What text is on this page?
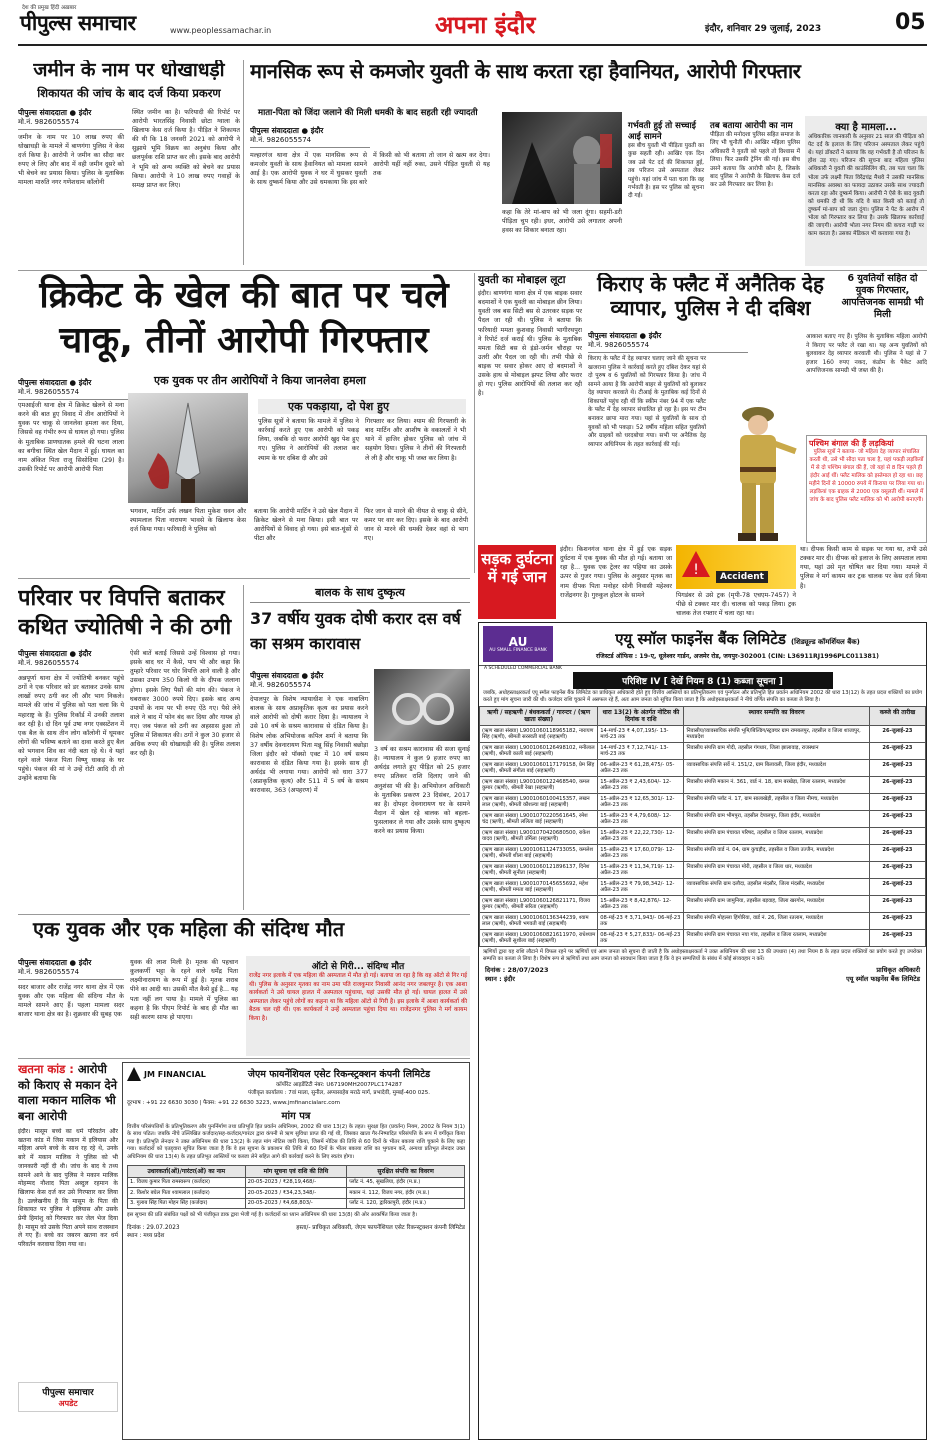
देश की प्रमुख हिंदी अख़बार
पीपुल्स समाचार	www.peoplessamachar.in	अपना इंदौर	इंदौर, शनिवार 29 जुलाई, 2023	05
जमीन के नाम पर धोखाधड़ी
शिकायत की जांच के बाद दर्ज किया प्रकरण
पीपुल्स संवाददाता ● इंदौर
मो.नं. 9826055574
जमीन के नाम पर 10 लाख रुपए की धोखाधड़ी के मामले में बाणगंगा पुलिस ने केस दर्ज किया है। आरोपी ने जमीन का सौदा कर रुपए ले लिए और बाद में वही जमीन दूसरे को भी बेचने का प्रयास किया। पुलिस के मुताबिक मामला मारुति नगर गणेशधाम कॉलोनी
स्थित जमीन का है। फरियादी की रिपोर्ट पर आरोपी भारतसिंह निवासी छोटा ग्वाला के खिलाफ केस दर्ज किया है। पीड़ित ने शिकायत की थी कि 18 जनवरी 2021 को आरोपी ने सुझाये भूमि विक्रय का अनुबंध किया और छलपूर्वक राशि प्राप्त कर ली। इसके बाद आरोपी ने भूमि को अन्य व्यक्ति को बेचने का प्रयास किया। आरोपी ने 10 लाख रुपए गवाहों के समक्ष प्राप्त कर लिए।
मानसिक रूप से कमजोर युवती के साथ करता रहा हैवानियत, आरोपी गिरफ्तार
माता-पिता को जिंदा जलाने की मिली धमकी के बाद सहती रही ज्यादती
पीपुल्स संवाददाता ● इंदौर
मो.नं. 9826055574
मल्हारगंज थाना क्षेत्र में एक मानसिक रूप से कमजोर युवती के साथ हैवानियत को मामला सामने आई है। एक आरोपी युवक ने घर में घुसकर युवती के साथ दुष्कर्म किया और उसे धमकाया कि इस बारे में किसी को भी बताया तो जान से खत्म कर देगा। आरोपी यहीं नहीं रुका, उसने पीड़ित युवती से यह तक
कहा कि तेरे मां-बाप को भी जला दूंगा। सहमी-डरी पीड़िता चुप रही। इधर, आरोपी उसे लगातार अपनी हवस का शिकार बनाता रहा।
गर्भवती हुई तो सच्चाई आई सामने
इस बीच युवती भी पीड़िता युवती का कुछ सहती रही। आखिर एक दिन जब उसे पेट दर्द की शिकायत हुई, तब परिजन उसे अस्पताल लेकर पहुंचे। यहां जांच में पता चला कि वह गर्भवती है। इस पर पुलिस को सूचना दी गई।
तब बताया आरोपी का नाम
पीड़िता की मनोदशा पुलिस सहित समाज के लिए भी चुनौती थी। आखिर महिला पुलिस अधिकारी ने युवती को पहले तो विश्वास में लिया। फिर उसकी ट्रेनिंग की गई। इस बीच उसने बताया कि आरोपी कौन है, जिसके बाद पुलिस ने आरोपी के खिलाफ केस दर्ज कर उसे गिरफ्तार कर लिया है।
क्या है मामला...
अधिकारिक जानकारी के अनुसार 21 साल की पीड़िता को पेट दर्द के इलाज के लिए परिजन अस्पताल लेकर पहुंचे थे। यहां डॉक्टरों ने बताया कि वह गर्भवती है तो परिजन के होश उड़ गए। परिजन की सूचना बाद महिला पुलिस अधिकारी ने युवती की काउंसिलिंग की, तब पता चला कि भोला उर्फ लक्ष्मी पिता विरेंद्रचंद्र मैथवे ने उसकी मानसिक मानसिक अवस्था का फायदा उठाकर उसके साथ ज्यादती करता रहा और दुष्कर्म किया। आरोपी ने ऐसे के बाद युवती को धमकी दी थी कि यदि वे बात किसी को बताई तो दुष्कर्म मां-बाप को जला दूंगा। पुलिस ने पेट के आरोप में भोला को गिरफ्तार कर लिया है। उसके खिलाफ कार्रवाई की जाएगी। आरोपी भोला नगर निगम की कचरा गाड़ी पर काम करता है। उसका मेडिकल भी करवाया गया है।
क्रिकेट के खेल की बात पर चले चाकू, तीनों आरोपी गिरफ्तार
पीपुल्स संवाददाता ● इंदौर
मो.नं. 9826055574
एक युवक पर तीन आरोपियों ने किया जानलेवा हमला
एमआईजी थाना क्षेत्र में क्रिकेट खेलने से मना करने की बात हुए विवाद में तीन आरोपियों ने युवक पर चाकू से जानलेवा हमला कर दिया, जिससे वह गंभीर रूप से घायल हो गया। पुलिस के मुताबिक प्राणघातक हमले की घटना लाला का बगीचा स्थित खेल मैदान में हुई। घायल का नाम अंकित पिता राजू सिसोदिया (29) है। उसकी रिपोर्ट पर आरोपी आरोपी पिता
भगवान, मार्टिन उर्फ लखन पिता मुकेश धवन और श्यामलाल पिता नारायण भावसे के खिलाफ केस दर्ज किया गया। फरियादी ने पुलिस को
एक पकड़ाया, दो पेश हुए
पुलिस सूत्रों ने बताया कि मामले में पुलिस ने कार्रवाई करते हुए एक आरोपी को पकड़ लिया, जबकि दो फरार आरोपी खुद पेश हुए गए। पुलिस ने आरोपियों की तलाश कर श्याम के घर दबिश दी और उसे
गिरफ्तार कर लिया। श्याम की गिरफ्तारी के बाद मार्टिन और आशीष के वकालतों ने भी थाने में हाजिर होकर पुलिस को जांच में सहयोग दिया। पुलिस ने तीनों की गिरफ्तारी ले ली है और चाकू भी जब्त कर लिया है।
बताया कि आरोपी मार्टिन ने उसे खेल मैदान में क्रिकेट खेलने से मना किया। इसी बात पर आरोपियों से विवाद हो गया। इसे बात-घूंसों से पीटा और
फिर जान से मारने की नीयत से चाकू से सीने, कमर पर वार कर दिए। इसके के बाद आरोपी जान से मारने की धमकी देकर वहां से भाग गए।
युवती का मोबाइल लूटा
इंदौर। बाणगंगा थाना क्षेत्र में एक बाइक सवार बदमाशों ने एक युवती का मोबाइल छीन लिया। युवती जब बस सिटी बस से उतरकर सड़क पर पैदल जा रही थी। पुलिस ने बताया कि फरियादी ममता कुशवाह निवासी भागीरथपुरा ने रिपोर्ट दर्ज कराई थी। पुलिस के मुताबिक ममता सिटी बस से इंडो-जर्मन चौराहा पर उतरी और पैदल जा रही थी। तभी पीछे से बाइक पर सवार होकर आए दो बदमाशों ने उसके हाथ से मोबाइल झपट लिया और फरार हो गए। पुलिस आरोपियों की तलाश कर रही है।
किराए के फ्लैट में अनैतिक देह व्यापार, पुलिस ने दी दबिश
6 युवतियों सहित दो युवक गिरफ्तार, आपत्तिजनक सामग्री भी मिली
पीपुल्स संवाददाता ● इंदौर
मो.नं. 9826055574
किराए के फ्लैट में देह व्यापार चलाए जाने की सूचना पर खजराना पुलिस ने कार्रवाई करते हुए दबिश देकर यहां से दो पुरुष व 6 युवतियों को गिरफ्तार किया है। जांच में सामने आया है कि आरोपी बाहर से युवतियों को बुलाकर देह व्यापार करवाते थे। टीआई के मुताबिक कई दिनों से शिकायतें पहुंच रही थीं कि स्कीम नंबर 94 में एक फ्लैट के फ्लैट में देह व्यापार संचालित हो रहा है। इस पर टीम बनाकर छापा मारा गया। यहां से युवतियों के साथ दो युवकों को भी पकड़ा। 52 वर्षीय महिला सहित युवतियों और ग्राहकों को धरदबोचा गया। सभी पर अनैतिक देह व्यापार अधिनियम के तहत कार्रवाई की गई।
आकाश बताए गए हैं। पुलिस के मुताबिक महिला आरोपी ने किराए पर फ्लैट ले रखा था। यह अन्य युवतियों को बुलवाकर देह व्यापार करवाती थी। पुलिस ने यहां से 7 हजार 160 रुपए नकद, कंडोम के पैकेट आदि आपत्तिजनक सामग्री भी जब्त की है।
पश्चिम बंगाल की हैं लड़कियां
पुलिस सूत्रों ने बताया- जो महिला देह व्यापार संचालित करती थी, उसे भी सौदा पता चला है, यहां पकड़ी लड़कियों में से दो पश्चिम बंगाल की हैं, जो यहां से 8 दिन पहले ही इंदौर आई थीं। फ्लैट मालिक को इस्तेमाल हो रहा था। छह महीने दिनों से 10000 रुपये में किराया पर लिया गया था। लड़कियां एक ग्राहक से 2000 एक वसूलती थीं। मामले में जांच के बाद पुलिस फ्लैट मालिक को भी आरोपी बनाएगी।
सड़क दुर्घटना में गई जान
इंदौर। किशनगंज थाना क्षेत्र में हुई एक सड़क दुर्घटना में एक युवक की मौत हो गई। बताया जा रहा है... युवक एक ट्रेलर का पहिया का उसके ऊपर से गुजर गया। पुलिस के अनुसार मृतक का नाम दीपक पिता मनोहर सोनी निवासी महेश्वर राजेंद्रनगर है। गुरुकुल होटल के सामने
!	Accident
पिगडंबर से उसे ट्रक (मृपी-78 एचएम-7457) ने पीछे से टक्कर मार दी। चालक को पकड़ लिया। ट्रक चालक तेज रफ्तार में चला रहा था।
था। दीपक किसी काम से सड़क पर गया था, तभी उसे टक्कर मार दी। दीपक को इलाज के लिए अस्पताल लाया गया, यहां उसे मृत घोषित कर दिया गया। मामले में पुलिस ने मर्ग कायम कर ट्रक चालक पर केस दर्ज किया है।
परिवार पर विपत्ति बताकर कथित ज्योतिषी ने की ठगी
पीपुल्स संवाददाता ● इंदौर
मो.नं. 9826055574
अन्नपूर्णा थाना क्षेत्र में ज्योतिषी बनकर पहुंचे ठगों ने एक परिवार को डर बताकर उनके साथ लाखों रुपए ठगी कर ली और भाग निकले। मामले की जांच में पुलिस को पता चला कि ये महाराष्ट्र के हैं। पुलिस रिकॉर्ड में उनकी तलाश कर रही है। दो दिन पूर्व उषा नगर एक्सटेंशन में एक बैल के साथ तीन लोग कॉलोनी में घूमकर लोगों की भविष्य बताने का दावा करते हुए बैल को भगवान शिव का नंदी बता रहे थे। वे यहां रहने वाले पंकज पिता विष्णु धाकड़ के घर पहुंचे। पंकज की मां ने उन्हें रोटी आदि दी तो उन्होंने बताया कि
ऐसी बातें बताईं जिससे उन्हें विश्वास हो गया। इसके बाद घर में कैसे, पाप भी और कहा कि तुम्हारे परिवार पर घोर विपत्ति आने वाली है और उसका उपाय 350 किलो घी के दीपक जलाना होगा। इसके लिए पैसों की मांग की। पंकज ने घबराकर 3000 रुपये दिए। इसके बाद अन्य उपायों के नाम पर भी रुपए ऐंठे गए। पैसे लेने वाले ने बाद में फोन बंद कर दिया और गायब हो गए। जब पंकज को ठगी का अहसास हुआ तो पुलिस में शिकायत की। ठगों ने कुल 30 हजार से अधिक रुपए की धोखाधड़ी की है। पुलिस तलाश कर रही है।
बालक के साथ दुष्कृत्य
37 वर्षीय युवक दोषी करार दस वर्ष का सश्रम कारावास
पीपुल्स संवाददाता ● इंदौर
मो.नं. 9826055574
देपालपुर के विशेष न्यायाधीश ने एक नाबालिग बालक के साथ अप्राकृतिक कृत्य का प्रयास करने वाले आरोपी को दोषी करार दिया है। न्यायालय ने उसे 10 वर्ष के सश्रम कारावास से दंडित किया है। विशेष लोक अभियोजक कपिल शर्मा ने बताया कि 37 वर्षीय देवनारायण पिता मन्नू सिंह निवासी बछोड़ा जिला इंदौर को पॉक्सो एक्ट में 10 वर्ष सश्रम कारावास से दंडित किया गया है। इसके साथ ही अर्थदंड भी लगाया गया। आरोपी को धारा 377 (अप्राकृतिक कृत्य) और 511 में 5 वर्ष के सश्रम कारावास, 363 (अपहरण) में
3 वर्ष का सश्रम कारावास की सजा सुनाई है। न्यायालय ने कुल 9 हजार रुपए का अर्थदंड लगाते हुए पीड़ित को 25 हजार रुपए प्रतिकर राशि दिलाए जाने की अनुशंसा भी की है। अभियोजन अधिकारी के मुताबिक प्रकरण 23 दिसंबर, 2017 का है। दोपहर देवनारायण घर के सामने मैदान में खेल रहे बालक को बहला-फुसलाकर ले गया और उसके साथ दुष्कृत्य करने का प्रयास किया।
एक युवक और एक महिला की संदिग्ध मौत
पीपुल्स संवाददाता ● इंदौर
मो.नं. 9826055574
सदर बाजार और राजेंद्र नगर थाना क्षेत्र में एक युवक और एक महिला की संदिग्ध मौत के मामले सामने आए हैं। पहला मामला सदर बाजार थाना क्षेत्र का है। शुक्रवार की सुबह एक
युवक की लाश मिली है। मृतक की पहचान कुलकर्णी भट्टा के रहने वाले धर्मेंद्र पिता लक्ष्मीनारायण के रूप में हुई है। मृतक शराब पीने का आदी था। उसकी मौत कैसे हुई है... यह पता नहीं लग पाया है। मामले में पुलिस का कहना है कि पीएम रिपोर्ट के बाद ही मौत का सही कारण साफ हो पाएगा।
ऑटो से गिरी... संदिग्ध मौत
राजेंद्र नगर इलाके में एक महिला की अस्पताल में मौत हो गई। बताया जा रहा है कि वह ऑटो से गिर गई थी। पुलिस के अनुसार मृतका का नाम उमा पति राजकुमार निवासी आनंद नगर जबलपुर है। एक आशा कार्यकर्ता ने उसे घायल हालत में अस्पताल पहुंचाया, यहां उसकी मौत हो गई। घायल हालत में उसे अस्पताल लेकर पहुंचे लोगों का कहना था कि महिला ऑटो से गिरी है। इस इलाके में आशा कार्यकर्ता की बैठक चल रही थी। एक कार्यकर्ता ने उन्हें अस्पताल पहुंचा दिया था। राजेंद्रनगर पुलिस ने मर्ग कायम किया है।
खतना कांड : आरोपी को किराए से मकान देने वाला मकान मालिक भी बना आरोपी
इंदौर। मासूम बच्चे का धर्म परिवर्तन और खतना कांड में जिस मकान में इलियास और महिला अपने बच्चे के साथ रह रहे थे, उनके बारे में मकान मालिक ने पुलिस को भी जानकारी नहीं दी थी। जांच के बाद ये तथ्य सामने आने के बाद पुलिस ने मकान मालिक मोहम्मद नौशाद पिता अब्दुल रहमान के खिलाफ केस दर्ज कर उसे गिरफ्तार कर लिया है। उल्लेखनीय है कि मासूम के पिता की शिकायत पर पुलिस ने इलियास और उसके प्रेमी हिमांशु को गिरफ्तार कर जेल भेज दिया है। मासूम को उसके पिता अपने साथ राजस्थान ले गए हैं। बच्चे का जबरन खतना कर धर्म परिवर्तन करवाया दिया गया था।
पीपुल्स समाचार
अपडेट
JM FINANCIAL	जेएम फायनेंशियल एसेट रिकन्स्ट्रक्शन कंपनी लिमिटेड
कॉर्पोरेट आइडेंटिटी नंबर: U67190MH2007PLC174287
पंजीकृत कार्यालय : 7वां माला, सुनील, अप्पासाहेब मराठे मार्ग, प्रभादेवी, मुम्बई-400 025.
दूरभाष : +91 22 6630 3030 | फैक्स: +91 22 6630 3223, www.jmfinancialarc.com
मांग पत्र
वित्तीय परिसंपत्तियों के प्रतिभूतिकरण और पुनर्निर्माण तथा प्रतिभूति हित प्रवर्तन अधिनियम, 2002 की धारा 13(2) के तहत। सुरक्षा हित (प्रवर्तन) नियम, 2002 के नियम 3(1) के साथ पठित। जबकि नीचे उल्लिखित कर्जदार/सह-कर्जदार/गारंटर द्वारा कंपनी से ऋण सुविधा प्राप्त की गई थी, जिसका खाता गैर-निष्पादित परिसंपत्ति के रूप में वर्गीकृत किया गया है। प्रतिभूति लेनदार ने उक्त अधिनियम की धारा 13(2) के तहत मांग नोटिस जारी किया, जिसमें नोटिस की तिथि से 60 दिनों के भीतर बकाया राशि चुकाने के लिए कहा गया। कर्जदारों को एतद्द्वारा सूचित किया जाता है कि वे इस सूचना के प्रकाशन की तिथि से 60 दिनों के भीतर बकाया राशि का भुगतान करें, अन्यथा प्रतिभूत लेनदार उक्त अधिनियम की धारा 13(4) के तहत प्रतिभूत आस्तियों पर कब्जा लेने सहित आगे की कार्रवाई करने के लिए स्वतंत्र होगा।
उधारकर्ता(ओं)/गारंटर(ओं) का नाम	मांग सूचना एवं राशि की तिथि	सुरक्षित संपत्ति का विवरण
1. विजय कुमार पिता रामस्वरूप (कर्जदार)	20-05-2023 / ₹28,19,468/-	प्लॉट नं. 45, सुखलिया, इंदौर (म.प्र.)
2. किशोर बघेल पिता श्यामलाल (कर्जदार)	20-05-2023 / ₹34,23,348/-	मकान नं. 112, विजय नगर, इंदौर (म.प्र.)
3. गुलाब सिंह पिता मोहन सिंह (कर्जदार)	20-05-2023 / ₹4,68,803/-	प्लॉट नं. 120, द्वारिकापुरी, इंदौर (म.प्र.)
इस सूचना की प्रति संबंधित पक्षों को भी पंजीकृत डाक द्वारा भेजी गई है। कर्जदारों का ध्यान अधिनियम की धारा 13(8) की ओर आकर्षित किया जाता है।
दिनांक : 29.07.2023
स्थान : मध्य प्रदेश
हस्ता/- प्राधिकृत अधिकारी, जेएम फायनेंशियल एसेट रिकन्स्ट्रक्शन कंपनी लिमिटेड
AU
AU SMALL FINANCE BANK
एयू स्मॉल फाइनेंस बैंक लिमिटेड (शिड्यूल्ड कॉमर्शियल बैंक)
रजिस्टर्ड ऑफिस : 19-ए, धूलेश्वर गार्डन, अजमेर रोड, जयपुर-302001 (CIN: L36911RJ1996PLC011381)
A SCHEDULED COMMERCIAL BANK
परिशिष्ट IV [ देखें नियम 8 (1) कब्जा सूचना ]
जबकि, अधोहस्ताक्षरकर्ता एयू स्मॉल फाइनेंस बैंक लिमिटेड का प्राधिकृत अधिकारी होते हुए वित्तीय आस्तियों का प्रतिभूतिकरण एवं पुनर्गठन और प्रतिभूति हित प्रवर्तन अधिनियम 2002 की धारा 13(12) के तहत प्रदत्त शक्तियों का प्रयोग करते हुए मांग सूचना जारी की थी। कर्जदार राशि चुकाने में असफल रहे हैं, अतः आम जनता को सूचित किया जाता है कि अधोहस्ताक्षरकर्ता ने नीचे वर्णित संपत्ति का कब्जा ले लिया है।
ऋणी / सहऋणी / बंधककर्ता / गारन्टर / (ऋण खाता संख्या)	धारा 13(2) के अंतर्गत नोटिस की दिनांक व राशि	स्थावर सम्पत्ति का विवरण	कब्जे की तारीख
(ऋण खाता संख्या) L9001060118965182, नारायण सिंह (ऋणी), श्रीमती सरस्वती बाई (सहऋणी)	14-मार्च-23 ₹ 4,07,195/- 13-मार्च-23 तक	निवासीय/व्यावसायिक संपत्ति भूमि/बिल्डिंग/स्ट्रक्चर ग्राम रामबलपुर, तहसील व जिला शाजापुर, मध्यप्रदेश	26-जुलाई-23
(ऋण खाता संख्या) L9001060126498102, मनीलाल (ऋणी), श्रीमती काली बाई (सहऋणी)	14-मार्च-23 ₹ 7,12,741/- 13-मार्च-23 तक	निवासीय संपत्ति ग्राम गोदी, तहसील गंगधार, जिला झालावाड़, राजस्थान	26-जुलाई-23
(ऋण खाता संख्या) L9001060117179158, प्रेम सिंह (ऋणी), श्रीमती संगीता बाई (सहऋणी)	06-अप्रैल-23 ₹ 61,28,475/- 05-अप्रैल-23 तक	व्यावसायिक संपत्ति सर्वे नं. 151/2, ग्राम बिलावली, जिला इंदौर, मध्यप्रदेश	26-जुलाई-23
(ऋण खाता संख्या) L9001060122468540, कमल कुमार (ऋणी), श्रीमती रेखा (सहऋणी)	15-अप्रैल-23 ₹ 2,43,604/- 12-अप्रैल-23 तक	निवासीय संपत्ति मकान नं. 361, वार्ड नं. 18, ग्राम बरखेड़ा, जिला रतलाम, मध्यप्रदेश	26-जुलाई-23
(ऋण खाता संख्या) L9001060100415357, लखन लाल (ऋणी), श्रीमती कौशल्या बाई (सहऋणी)	15-अप्रैल-23 ₹ 12,65,301/- 12-अप्रैल-23 तक	निवासीय संपत्ति प्लॉट नं. 17, ग्राम सालाखेड़ी, तहसील व जिला नीमच, मध्यप्रदेश	26-जुलाई-23
(ऋण खाता संख्या) L9001070220561645, रमेश चंद्र (ऋणी), श्रीमती ललिता बाई (सहऋणी)	15-अप्रैल-23 ₹ 4,79,608/- 12-अप्रैल-23 तक	निवासीय संपत्ति ग्राम भीमपुरा, तहसील देपालपुर, जिला इंदौर, मध्यप्रदेश	26-जुलाई-23
(ऋण खाता संख्या) L9001070420680500, राकेश यादव (ऋणी), श्रीमती उर्मिला (सहऋणी)	15-अप्रैल-23 ₹ 22,22,730/- 12-अप्रैल-23 तक	निवासीय संपत्ति ग्राम पंचायत परिषद, तहसील व जिला रतलाम, मध्यप्रदेश	26-जुलाई-23
(ऋण खाता संख्या) L9001061124733055, कमलेश (ऋणी), श्रीमती शीला बाई (सहऋणी)	15-अप्रैल-23 ₹ 17,60,079/- 12-अप्रैल-23 तक	निवासीय संपत्ति वार्ड नं. 04, ग्राम कुचड़ौद, तहसील व जिला उज्जैन, मध्यप्रदेश	26-जुलाई-23
(ऋण खाता संख्या) L9001060121896137, दिनेश (ऋणी), श्रीमती सुनीता (सहऋणी)	15-अप्रैल-23 ₹ 11,34,719/- 12-अप्रैल-23 तक	निवासीय संपत्ति ग्राम पंचायत मोरी, तहसील व जिला धार, मध्यप्रदेश	26-जुलाई-23
(ऋण खाता संख्या) L9001070145655692, महेश (ऋणी), श्रीमती ममता बाई (सहऋणी)	15-अप्रैल-23 ₹ 79,98,342/- 12-अप्रैल-23 तक	व्यावसायिक संपत्ति ग्राम दलौदा, तहसील मंदसौर, जिला मंदसौर, मध्यप्रदेश	26-जुलाई-23
(ऋण खाता संख्या) L9001060126821171, विजय कुमार (ऋणी), श्रीमती सरिता (सहऋणी)	15-अप्रैल-23 ₹ 8,42,876/- 12-अप्रैल-23 तक	निवासीय संपत्ति ग्राम जामुनिया, तहसील बड़वाह, जिला खरगोन, मध्यप्रदेश	26-जुलाई-23
(ऋण खाता संख्या) L9001060136344239, श्याम लाल (ऋणी), श्रीमती भगवती बाई (सहऋणी)	08-मई-23 ₹ 3,71,943/- 06-मई-23 तक	निवासीय संपत्ति मोहल्ला हिंगोरिया, वार्ड नं. 26, जिला रतलाम, मध्यप्रदेश	26-जुलाई-23
(ऋण खाता संख्या) L9001060821611970, राधेश्याम (ऋणी), श्रीमती सुशीला बाई (सहऋणी)	08-मई-23 ₹ 5,27,833/- 06-मई-23 तक	निवासीय संपत्ति ग्राम पंचायत नया गांव, तहसील व जिला रतलाम, मध्यप्रदेश	26-जुलाई-23
ऋणियों द्वारा यह राशि लौटाने में विफल रहने पर ऋणियों एवं आम जनता को सूचना दी जाती है कि अधोहस्ताक्षरकर्ता ने उक्त अधिनियम की धारा 13 की उपधारा (4) तथा नियम 8 के तहत प्रदत्त शक्तियों का प्रयोग करते हुए उपरोक्त सम्पत्ति का कब्जा ले लिया है। विशेष रूप से ऋणियों तथा आम जनता को सावधान किया जाता है कि वे इन सम्पत्तियों के संबंध में कोई संव्यवहार न करें।
दिनांक : 28/07/2023
स्थान : इंदौर
प्राधिकृत अधिकारी
एयू स्मॉल फाइनेंस बैंक लिमिटेड
